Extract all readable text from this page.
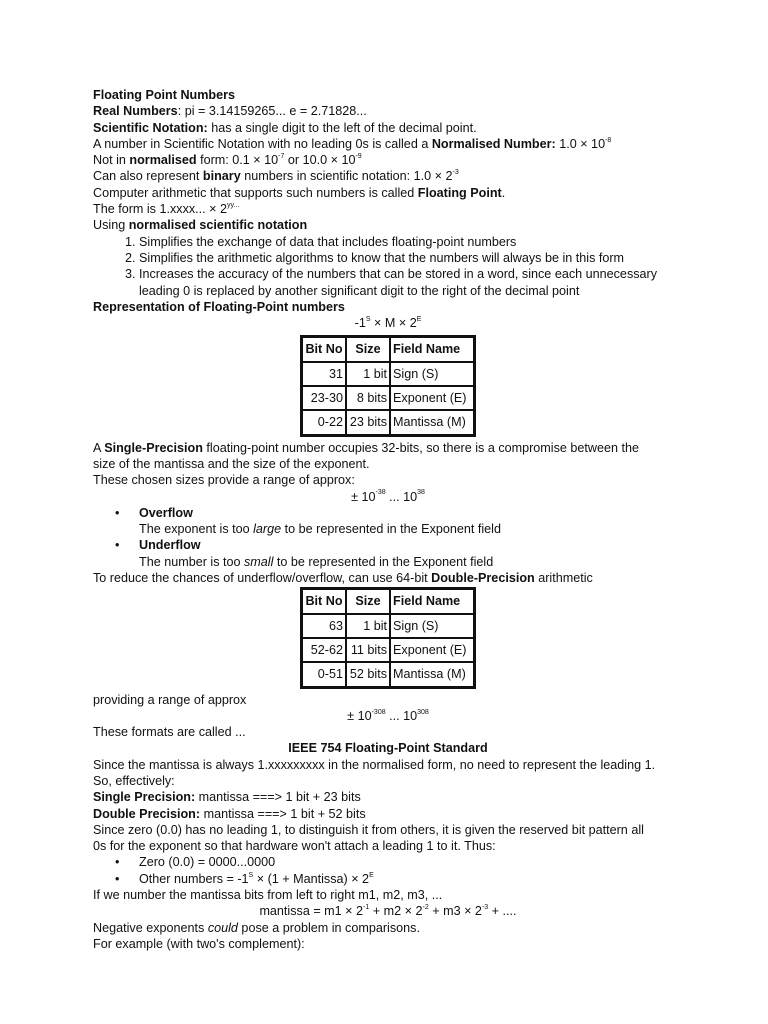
Floating Point Numbers
Real Numbers: pi = 3.14159265... e = 2.71828...
Scientific Notation: has a single digit to the left of the decimal point.
A number in Scientific Notation with no leading 0s is called a Normalised Number: $1.0 \times 10^{-8}$
Not in normalised form: $0.1 \times 10^{-7}$ or $10.0 \times 10^{-9}$
Can also represent binary numbers in scientific notation: $1.0 \times 2^{-3}$
Computer arithmetic that supports such numbers is called Floating Point.
The form is 1.xxxx... × $2^{yy...}$
Using normalised scientific notation
1. Simplifies the exchange of data that includes floating-point numbers
2. Simplifies the arithmetic algorithms to know that the numbers will always be in this form
3. Increases the accuracy of the numbers that can be stored in a word, since each unnecessary leading 0 is replaced by another significant digit to the right of the decimal point
Representation of Floating-Point numbers
$-1^S \times M \times 2^E$
Bit No	Size	Field Name
31	1 bit	Sign (S)
23-30	8 bits	Exponent (E)
0-22	23 bits	Mantissa (M)
A Single-Precision floating-point number occupies 32-bits, so there is a compromise between the
size of the mantissa and the size of the exponent.
These chosen sizes provide a range of approx:
± $10^{-38}$ ... $10^{38}$
• Overflow
The exponent is too large to be represented in the Exponent field
• Underflow
The number is too small to be represented in the Exponent field
To reduce the chances of underflow/overflow, can use 64-bit Double-Precision arithmetic
Bit No	Size	Field Name
63	1 bit	Sign (S)
52-62	11 bits	Exponent (E)
0-51	52 bits	Mantissa (M)
providing a range of approx
± $10^{-308}$ ... $10^{308}$
These formats are called ...
IEEE 754 Floating-Point Standard
Since the mantissa is always 1.xxxxxxxxx in the normalised form, no need to represent the leading 1.
So, effectively:
Single Precision: mantissa ===> 1 bit + 23 bits
Double Precision: mantissa ===> 1 bit + 52 bits
Since zero (0.0) has no leading 1, to distinguish it from others, it is given the reserved bit pattern all
0s for the exponent so that hardware won't attach a leading 1 to it. Thus:
• Zero (0.0) = 0000...0000
• Other numbers = $-1^S \times (1$ + Mantissa) × $2^E$
If we number the mantissa bits from left to right m1, m2, m3, ...
mantissa = $m1 \times 2^{-1} + m2 \times 2^{-2} + m3 \times 2^{-3}$ + ....
Negative exponents could pose a problem in comparisons.
For example (with two's complement):
